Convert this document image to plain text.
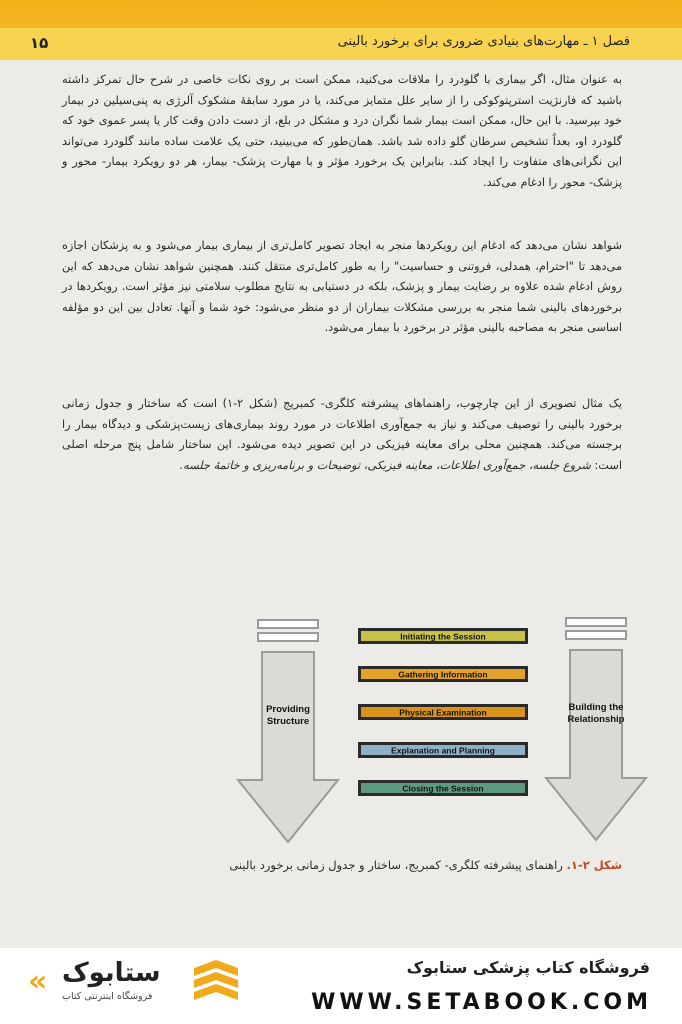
۱۵	فصل ۱ ـ مهارت‌های بنیادی ضروری برای برخورد بالینی
به عنوان مثال، اگر بیماری با گلودرد را ملاقات می‌کنید، ممکن است بر روی نکات خاصی در شرح حال تمرکز داشته باشید که فارنژیت استرپتوکوکی را از سایر علل متمایز می‌کند، یا در مورد سابقهٔ مشکوک آلرژی به پنی‌سیلین در بیمار خود بپرسید. با این حال، ممکن است بیمار شما نگران درد و مشکل در بلع، از دست دادن وقت کار یا پسر عموی خود که گلودرد او، بعداً تشخیص سرطان گلو داده شد باشد. همان‌طور که می‌بینید، حتی یک علامت ساده مانند گلودرد می‌تواند این نگرانی‌های متفاوت را ایجاد کند. بنابراین یک برخورد مؤثر و با مهارت پزشک- بیمار، هر دو رویکرد بیمار- محور و پزشک- محور را ادغام می‌کند.
شواهد نشان می‌دهد که ادغام این رویکردها منجر به ایجاد تصویر کامل‌تری از بیماری بیمار می‌شود و به پزشکان اجازه می‌دهد تا "احترام، همدلی، فروتنی و حساسیت" را به طور کامل‌تری منتقل کنند. همچنین شواهد نشان می‌دهد که این روش ادغام شده علاوه بر رضایت بیمار و پزشک، بلکه در دستیابی به نتایج مطلوب سلامتی نیز مؤثر است. رویکردها در برخوردهای بالینی شما منجر به بررسی مشکلات بیماران از دو منظر می‌شود: خود شما و آنها. تعادل بین این دو مؤلفه اساسی منجر به مصاحبه بالینی مؤثر در برخورد با بیمار می‌شود.
یک مثال تصویری از این چارچوب، راهنماهای پیشرفته کلگری- کمبریج (شکل ۲-۱) است که ساختار و جدول زمانی برخورد بالینی را توصیف می‌کند و نیاز به جمع‌آوری اطلاعات در مورد روند بیماری‌های زیست‌پزشکی و دیدگاه بیمار را برجسته می‌کند. همچنین محلی برای معاینه فیزیکی در این تصویر دیده می‌شود. این ساختار شامل پنج مرحله اصلی است: شروع جلسه، جمع‌آوری اطلاعات، معاینه فیزیکی، توضیحات و برنامه‌ریزی و خاتمهٔ جلسه.
Providing Structure
Building the Relationship
Initiating the Session
Gathering Information
Physical Examination
Explanation and Planning
Closing the Session
شکل ۲-۱. راهنمای پیشرفته کلگری- کمبریج، ساختار و جدول زمانی برخورد بالینی
« ستابوک
فروشگاه اینترنتی کتاب
فروشگاه کتاب پزشکی ستابوک
WWW.SETABOOK.COM
